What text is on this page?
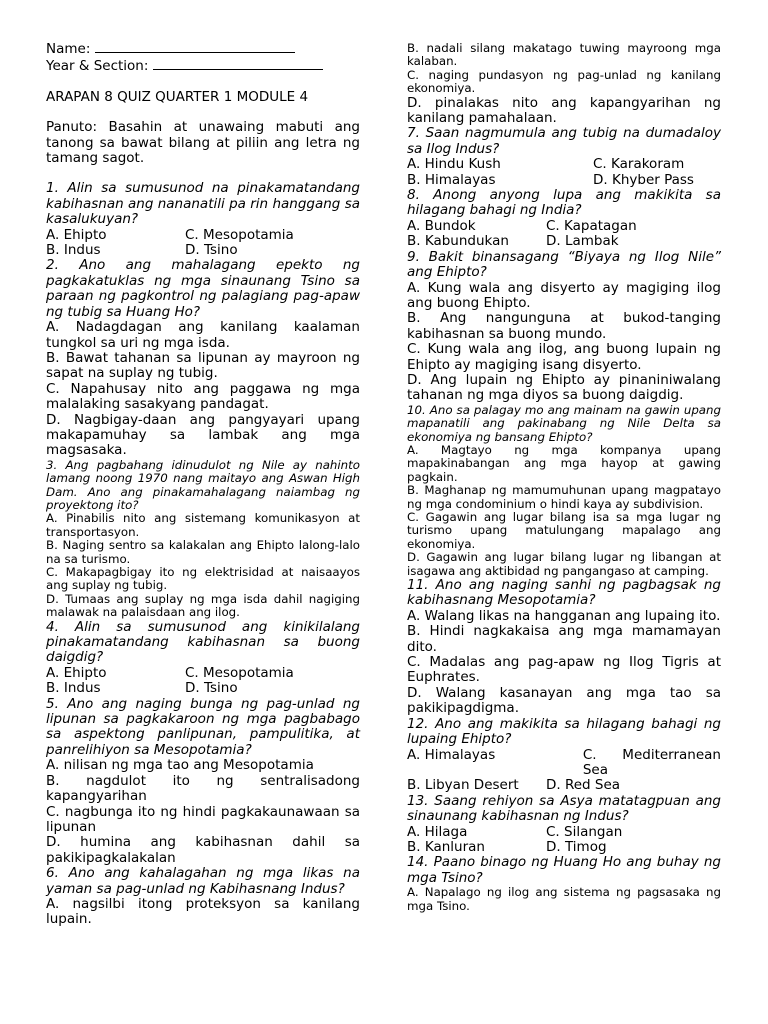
Name:
Year & Section:
ARAPAN 8 QUIZ QUARTER 1 MODULE 4
Panuto: Basahin at unawaing mabuti ang tanong sa bawat bilang at piliin ang letra ng tamang sagot.
1. Alin sa sumusunod na pinakamatandang kabihasnan ang nananatili pa rin hanggang sa kasalukuyan?
A. Ehipto	C. Mesopotamia
B. Indus	D. Tsino
2. Ano ang mahalagang epekto ng pagkakatuklas ng mga sinaunang Tsino sa paraan ng pagkontrol ng palagiang pag-apaw ng tubig sa Huang Ho?
A. Nadagdagan ang kanilang kaalaman tungkol sa uri ng mga isda.
B. Bawat tahanan sa lipunan ay mayroon ng sapat na suplay ng tubig.
C. Napahusay nito ang paggawa ng mga malalaking sasakyang pandagat.
D. Nagbigay-daan ang pangyayari upang makapamuhay sa lambak ang mga magsasaka.
3. Ang pagbahang idinudulot ng Nile ay nahinto lamang noong 1970 nang maitayo ang Aswan High Dam. Ano ang pinakamahalagang naiambag ng proyektong ito?
A. Pinabilis nito ang sistemang komunikasyon at transportasyon.
B. Naging sentro sa kalakalan ang Ehipto lalong-lalo na sa turismo.
C. Makapagbigay ito ng elektrisidad at naisaayos ang suplay ng tubig.
D. Tumaas ang suplay ng mga isda dahil nagiging malawak na palaisdaan ang ilog.
4. Alin sa sumusunod ang kinikilalang pinakamatandang kabihasnan sa buong daigdig?
A. Ehipto	C. Mesopotamia
B. Indus	D. Tsino
5. Ano ang naging bunga ng pag-unlad ng lipunan sa pagkakaroon ng mga pagbabago sa aspektong panlipunan, pampulitika, at panrelihiyon sa Mesopotamia?
A. nilisan ng mga tao ang Mesopotamia
B. nagdulot ito ng sentralisadong kapangyarihan
C. nagbunga ito ng hindi pagkakaunawaan sa lipunan
D. humina ang kabihasnan dahil sa pakikipagkalakalan
6. Ano ang kahalagahan ng mga likas na yaman sa pag-unlad ng Kabihasnang Indus?
A. nagsilbi itong proteksyon sa kanilang lupain.
B. nadali silang makatago tuwing mayroong mga kalaban.
C. naging pundasyon ng pag-unlad ng kanilang ekonomiya.
D. pinalakas nito ang kapangyarihan ng kanilang pamahalaan.
7. Saan nagmumula ang tubig na dumadaloy sa Ilog Indus?
A. Hindu Kush	C. Karakoram
B. Himalayas	D. Khyber Pass
8. Anong anyong lupa ang makikita sa hilagang bahagi ng India?
A. Bundok	C. Kapatagan
B. Kabundukan	D. Lambak
9. Bakit binansagang “Biyaya ng Ilog Nile” ang Ehipto?
A. Kung wala ang disyerto ay magiging ilog ang buong Ehipto.
B. Ang nangunguna at bukod-tanging kabihasnan sa buong mundo.
C. Kung wala ang ilog, ang buong lupain ng Ehipto ay magiging isang disyerto.
D. Ang lupain ng Ehipto ay pinaniniwalang tahanan ng mga diyos sa buong daigdig.
10. Ano sa palagay mo ang mainam na gawin upang mapanatili ang pakinabang ng Nile Delta sa ekonomiya ng bansang Ehipto?
A. Magtayo ng mga kompanya upang mapakinabangan ang mga hayop at gawing pagkain.
B. Maghanap ng mamumuhunan upang magpatayo ng mga condominium o hindi kaya ay subdivision.
C. Gagawin ang lugar bilang isa sa mga lugar ng turismo upang matulungang mapalago ang ekonomiya.
D. Gagawin ang lugar bilang lugar ng libangan at isagawa ang aktibidad ng pangangaso at camping.
11. Ano ang naging sanhi ng pagbagsak ng kabihasnang Mesopotamia?
A. Walang likas na hangganan ang lupaing ito.
B. Hindi nagkakaisa ang mga mamamayan dito.
C. Madalas ang pag-apaw ng Ilog Tigris at Euphrates.
D. Walang kasanayan ang mga tao sa pakikipagdigma.
12. Ano ang makikita sa hilagang bahagi ng lupaing Ehipto?
A. Himalayas	C. Mediterranean Sea
B. Libyan Desert	D. Red Sea
13. Saang rehiyon sa Asya matatagpuan ang sinaunang kabihasnan ng Indus?
A. Hilaga	C. Silangan
B. Kanluran	D. Timog
14. Paano binago ng Huang Ho ang buhay ng mga Tsino?
A. Napalago ng ilog ang sistema ng pagsasaka ng mga Tsino.
